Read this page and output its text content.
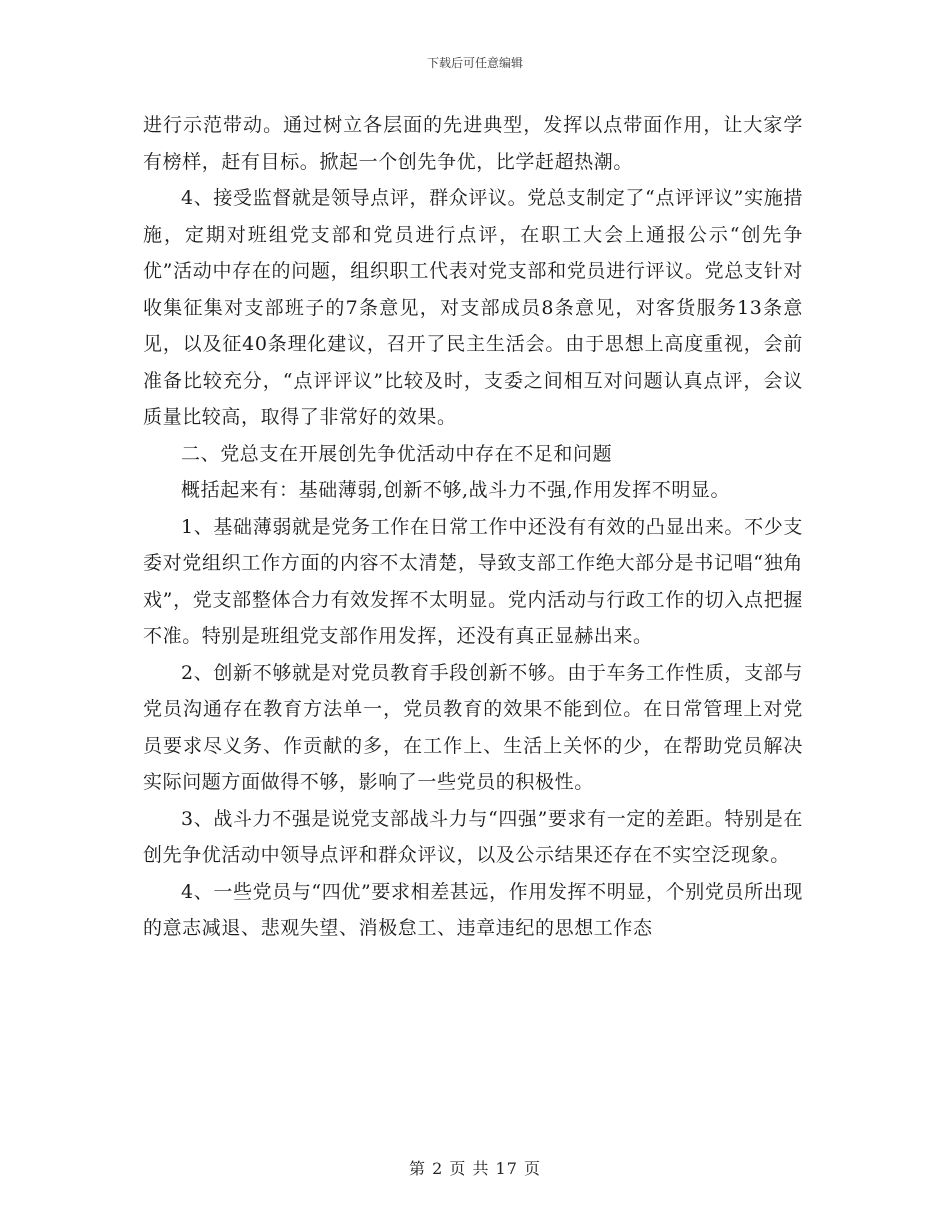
下载后可任意编辑

进行示范带动。通过树立各层面的先进典型，发挥以点带面作用，让大家学有榜样，赶有目标。掀起一个创先争优，比学赶超热潮。

4、接受监督就是领导点评，群众评议。党总支制定了“点评评议”实施措施，定期对班组党支部和党员进行点评，在职工大会上通报公示“创先争优”活动中存在的问题，组织职工代表对党支部和党员进行评议。党总支针对收集征集对支部班子的7条意见，对支部成员8条意见，对客货服务13条意见，以及征40条理化建议，召开了民主生活会。由于思想上高度重视，会前准备比较充分，“点评评议”比较及时，支委之间相互对问题认真点评，会议质量比较高，取得了非常好的效果。

二、党总支在开展创先争优活动中存在不足和问题

概括起来有：基础薄弱,创新不够,战斗力不强,作用发挥不明显。

1、基础薄弱就是党务工作在日常工作中还没有有效的凸显出来。不少支委对党组织工作方面的内容不太清楚，导致支部工作绝大部分是书记唱“独角戏”，党支部整体合力有效发挥不太明显。党内活动与行政工作的切入点把握不准。特别是班组党支部作用发挥，还没有真正显赫出来。

2、创新不够就是对党员教育手段创新不够。由于车务工作性质，支部与党员沟通存在教育方法单一，党员教育的效果不能到位。在日常管理上对党员要求尽义务、作贡献的多，在工作上、生活上关怀的少，在帮助党员解决实际问题方面做得不够，影响了一些党员的积极性。

3、战斗力不强是说党支部战斗力与“四强”要求有一定的差距。特别是在创先争优活动中领导点评和群众评议，以及公示结果还存在不实空泛现象。

4、一些党员与“四优”要求相差甚远，作用发挥不明显，个别党员所出现的意志减退、悲观失望、消极怠工、违章违纪的思想工作态

第 2 页 共 17 页
